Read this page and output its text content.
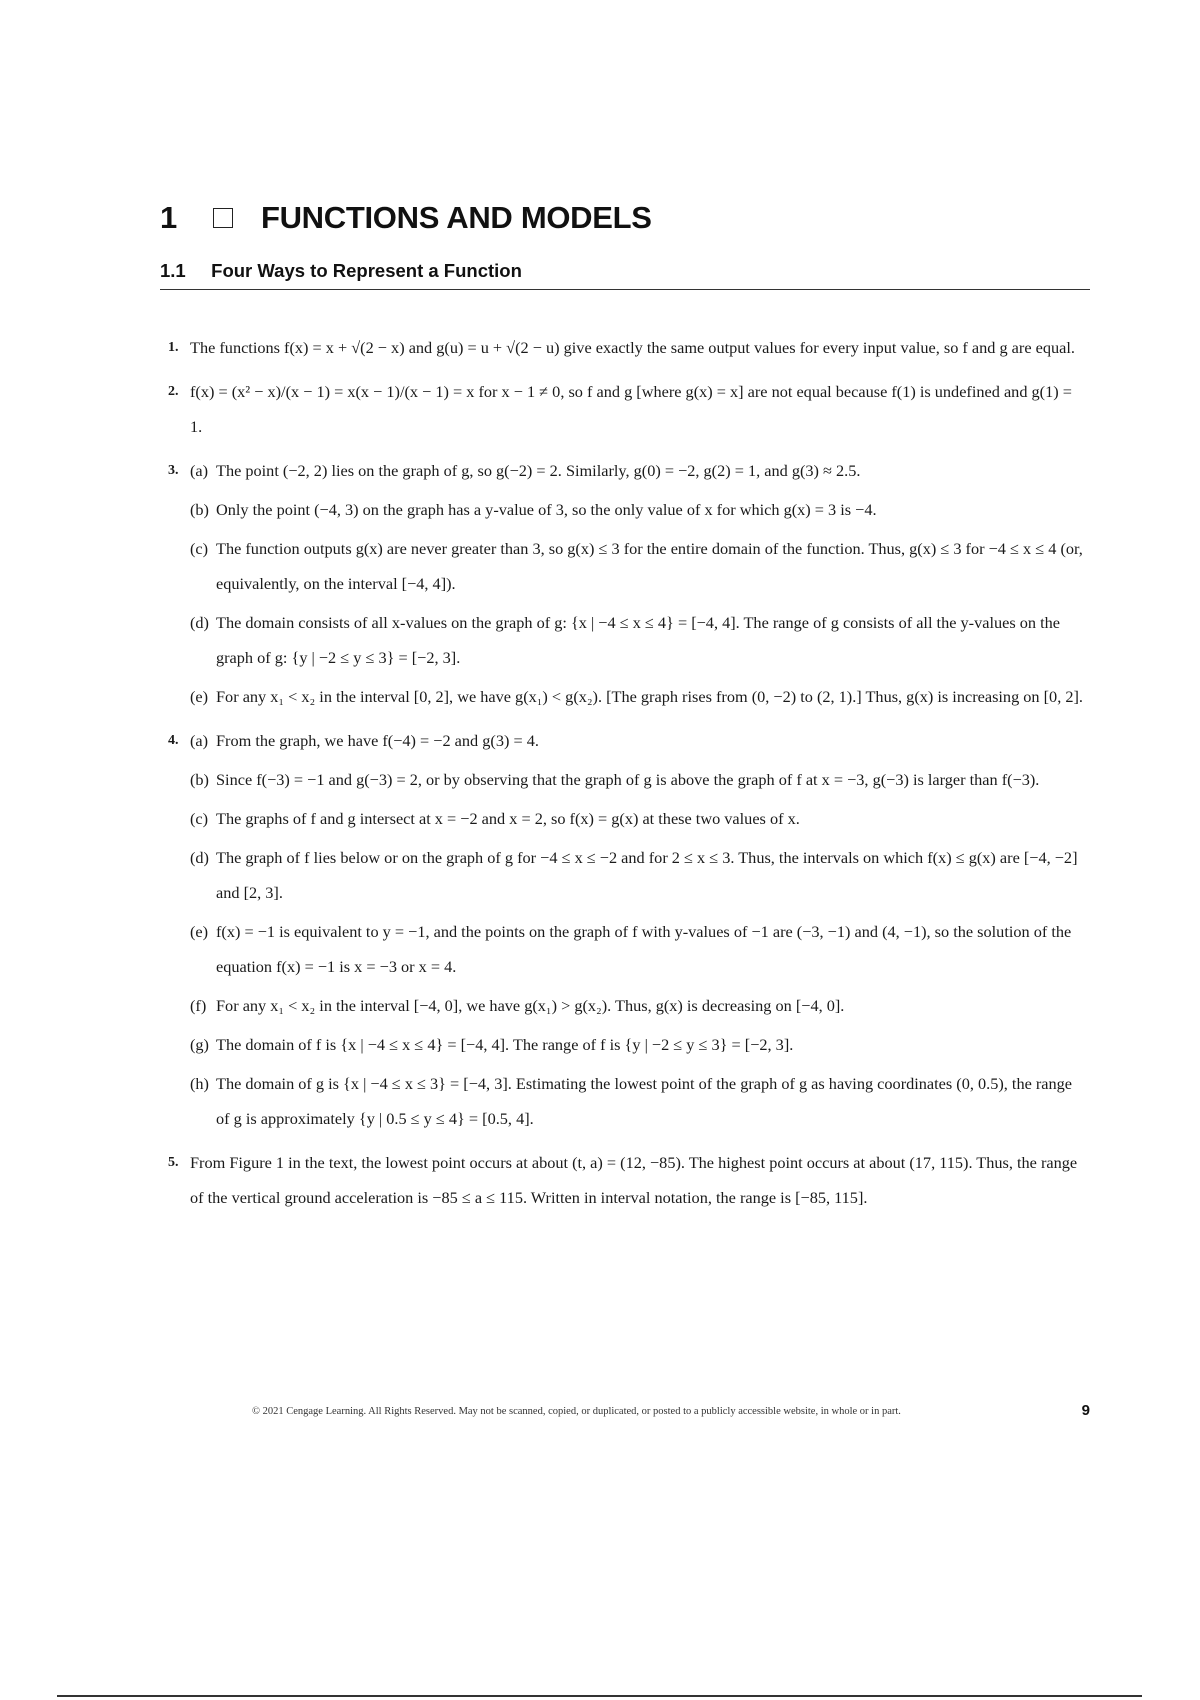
1	FUNCTIONS AND MODELS
1.1 Four Ways to Represent a Function
1. The functions f(x) = x + √(2 − x) and g(u) = u + √(2 − u) give exactly the same output values for every input value, so f and g are equal.
2. f(x) = (x² − x)/(x − 1) = x(x − 1)/(x − 1) = x for x − 1 ≠ 0, so f and g [where g(x) = x] are not equal because f(1) is undefined and g(1) = 1.
3. (a) The point (−2, 2) lies on the graph of g, so g(−2) = 2. Similarly, g(0) = −2, g(2) = 1, and g(3) ≈ 2.5.
(b) Only the point (−4, 3) on the graph has a y-value of 3, so the only value of x for which g(x) = 3 is −4.
(c) The function outputs g(x) are never greater than 3, so g(x) ≤ 3 for the entire domain of the function. Thus, g(x) ≤ 3 for −4 ≤ x ≤ 4 (or, equivalently, on the interval [−4, 4]).
(d) The domain consists of all x-values on the graph of g: {x | −4 ≤ x ≤ 4} = [−4, 4]. The range of g consists of all the y-values on the graph of g: {y | −2 ≤ y ≤ 3} = [−2, 3].
(e) For any x₁ < x₂ in the interval [0, 2], we have g(x₁) < g(x₂). [The graph rises from (0, −2) to (2, 1).] Thus, g(x) is increasing on [0, 2].
4. (a) From the graph, we have f(−4) = −2 and g(3) = 4.
(b) Since f(−3) = −1 and g(−3) = 2, or by observing that the graph of g is above the graph of f at x = −3, g(−3) is larger than f(−3).
(c) The graphs of f and g intersect at x = −2 and x = 2, so f(x) = g(x) at these two values of x.
(d) The graph of f lies below or on the graph of g for −4 ≤ x ≤ −2 and for 2 ≤ x ≤ 3. Thus, the intervals on which f(x) ≤ g(x) are [−4, −2] and [2, 3].
(e) f(x) = −1 is equivalent to y = −1, and the points on the graph of f with y-values of −1 are (−3, −1) and (4, −1), so the solution of the equation f(x) = −1 is x = −3 or x = 4.
(f) For any x₁ < x₂ in the interval [−4, 0], we have g(x₁) > g(x₂). Thus, g(x) is decreasing on [−4, 0].
(g) The domain of f is {x | −4 ≤ x ≤ 4} = [−4, 4]. The range of f is {y | −2 ≤ y ≤ 3} = [−2, 3].
(h) The domain of g is {x | −4 ≤ x ≤ 3} = [−4, 3]. Estimating the lowest point of the graph of g as having coordinates (0, 0.5), the range of g is approximately {y | 0.5 ≤ y ≤ 4} = [0.5, 4].
5. From Figure 1 in the text, the lowest point occurs at about (t, a) = (12, −85). The highest point occurs at about (17, 115). Thus, the range of the vertical ground acceleration is −85 ≤ a ≤ 115. Written in interval notation, the range is [−85, 115].
© 2021 Cengage Learning. All Rights Reserved. May not be scanned, copied, or duplicated, or posted to a publicly accessible website, in whole or in part.	9
